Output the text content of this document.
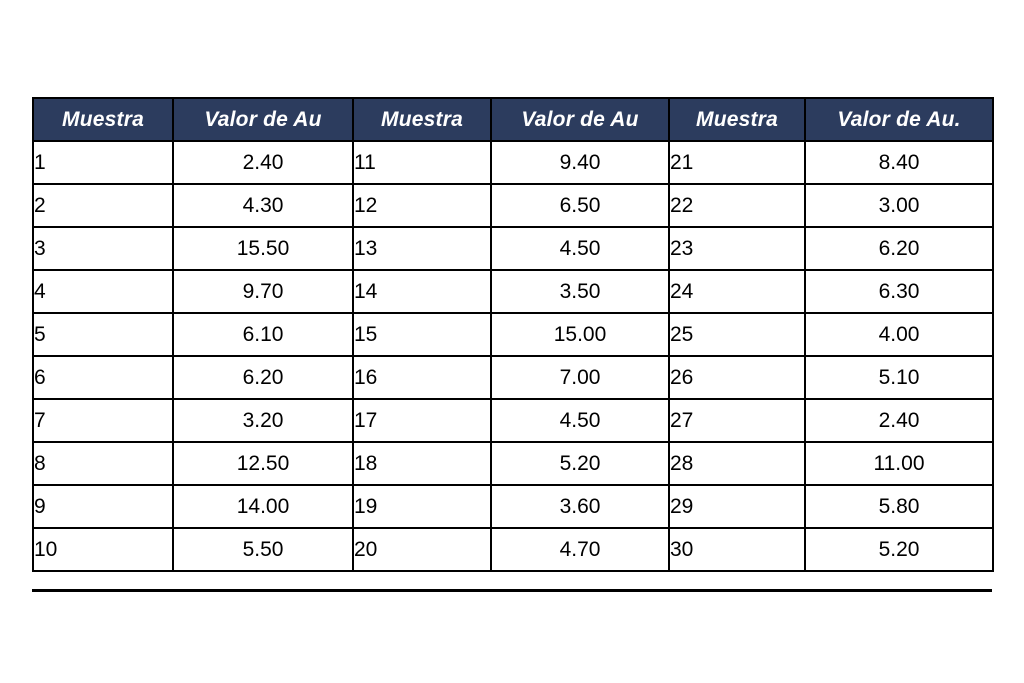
Muestra	Valor de Au	Muestra	Valor de Au	Muestra	Valor de Au.
1	2.40	11	9.40	21	8.40
2	4.30	12	6.50	22	3.00
3	15.50	13	4.50	23	6.20
4	9.70	14	3.50	24	6.30
5	6.10	15	15.00	25	4.00
6	6.20	16	7.00	26	5.10
7	3.20	17	4.50	27	2.40
8	12.50	18	5.20	28	11.00
9	14.00	19	3.60	29	5.80
10	5.50	20	4.70	30	5.20
